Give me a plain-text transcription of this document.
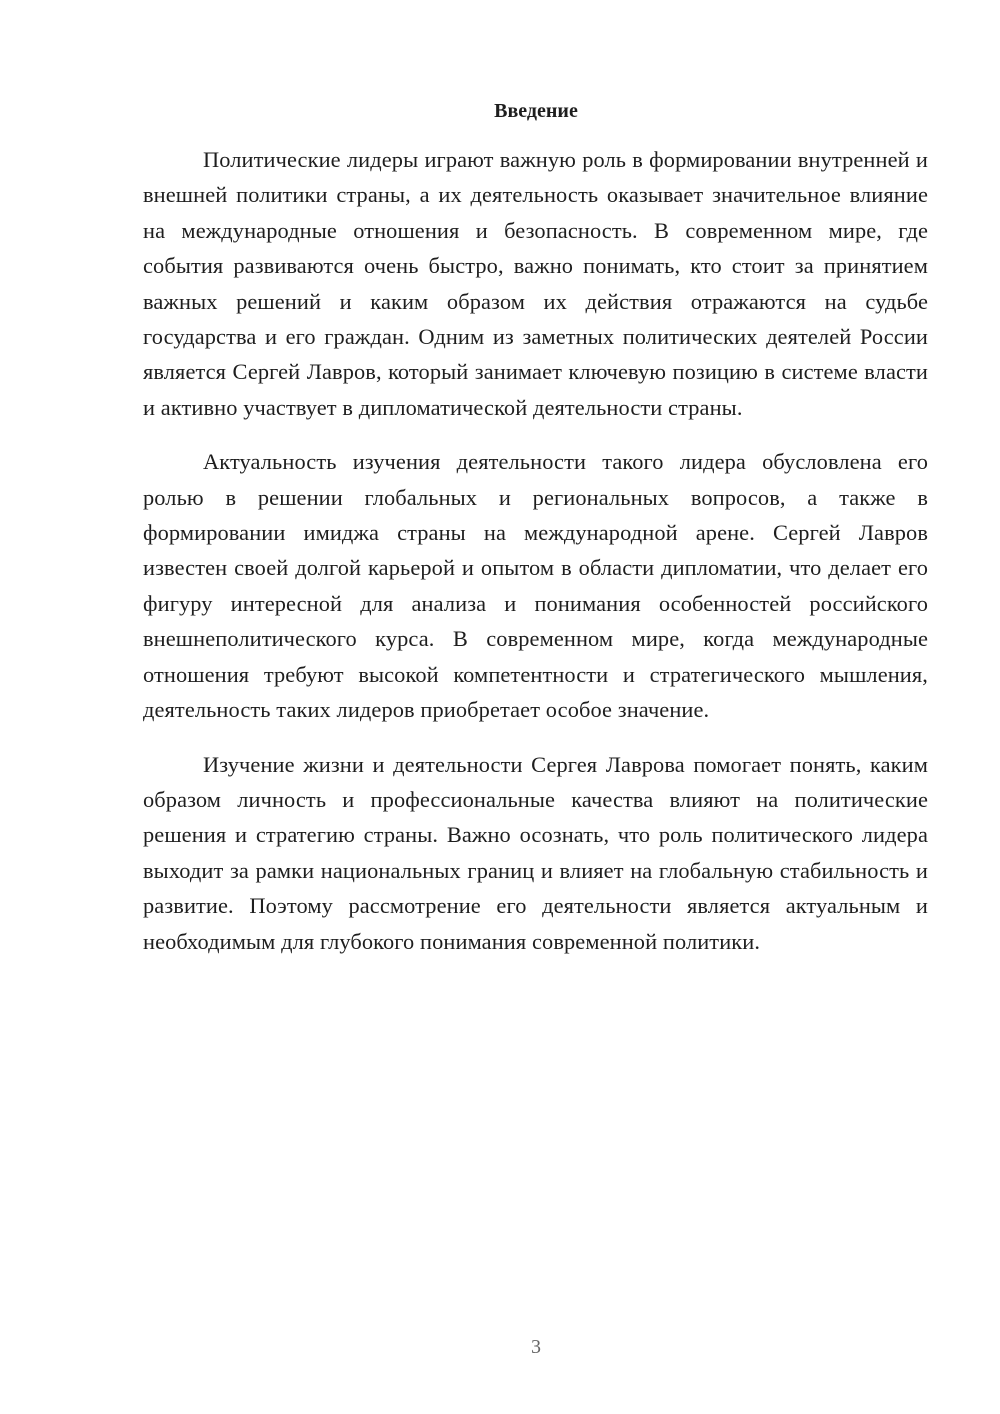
Введение

Политические лидеры играют важную роль в формировании внутренней и внешней политики страны, а их деятельность оказывает значительное влияние на международные отношения и безопасность. В современном мире, где события развиваются очень быстро, важно понимать, кто стоит за принятием важных решений и каким образом их действия отражаются на судьбе государства и его граждан. Одним из заметных политических деятелей России является Сергей Лавров, который занимает ключевую позицию в системе власти и активно участвует в дипломатической деятельности страны.

Актуальность изучения деятельности такого лидера обусловлена его ролью в решении глобальных и региональных вопросов, а также в формировании имиджа страны на международной арене. Сергей Лавров известен своей долгой карьерой и опытом в области дипломатии, что делает его фигуру интересной для анализа и понимания особенностей российского внешнеполитического курса. В современном мире, когда международные отношения требуют высокой компетентности и стратегического мышления, деятельность таких лидеров приобретает особое значение.

Изучение жизни и деятельности Сергея Лаврова помогает понять, каким образом личность и профессиональные качества влияют на политические решения и стратегию страны. Важно осознать, что роль политического лидера выходит за рамки национальных границ и влияет на глобальную стабильность и развитие. Поэтому рассмотрение его деятельности является актуальным и необходимым для глубокого понимания современной политики.

3
